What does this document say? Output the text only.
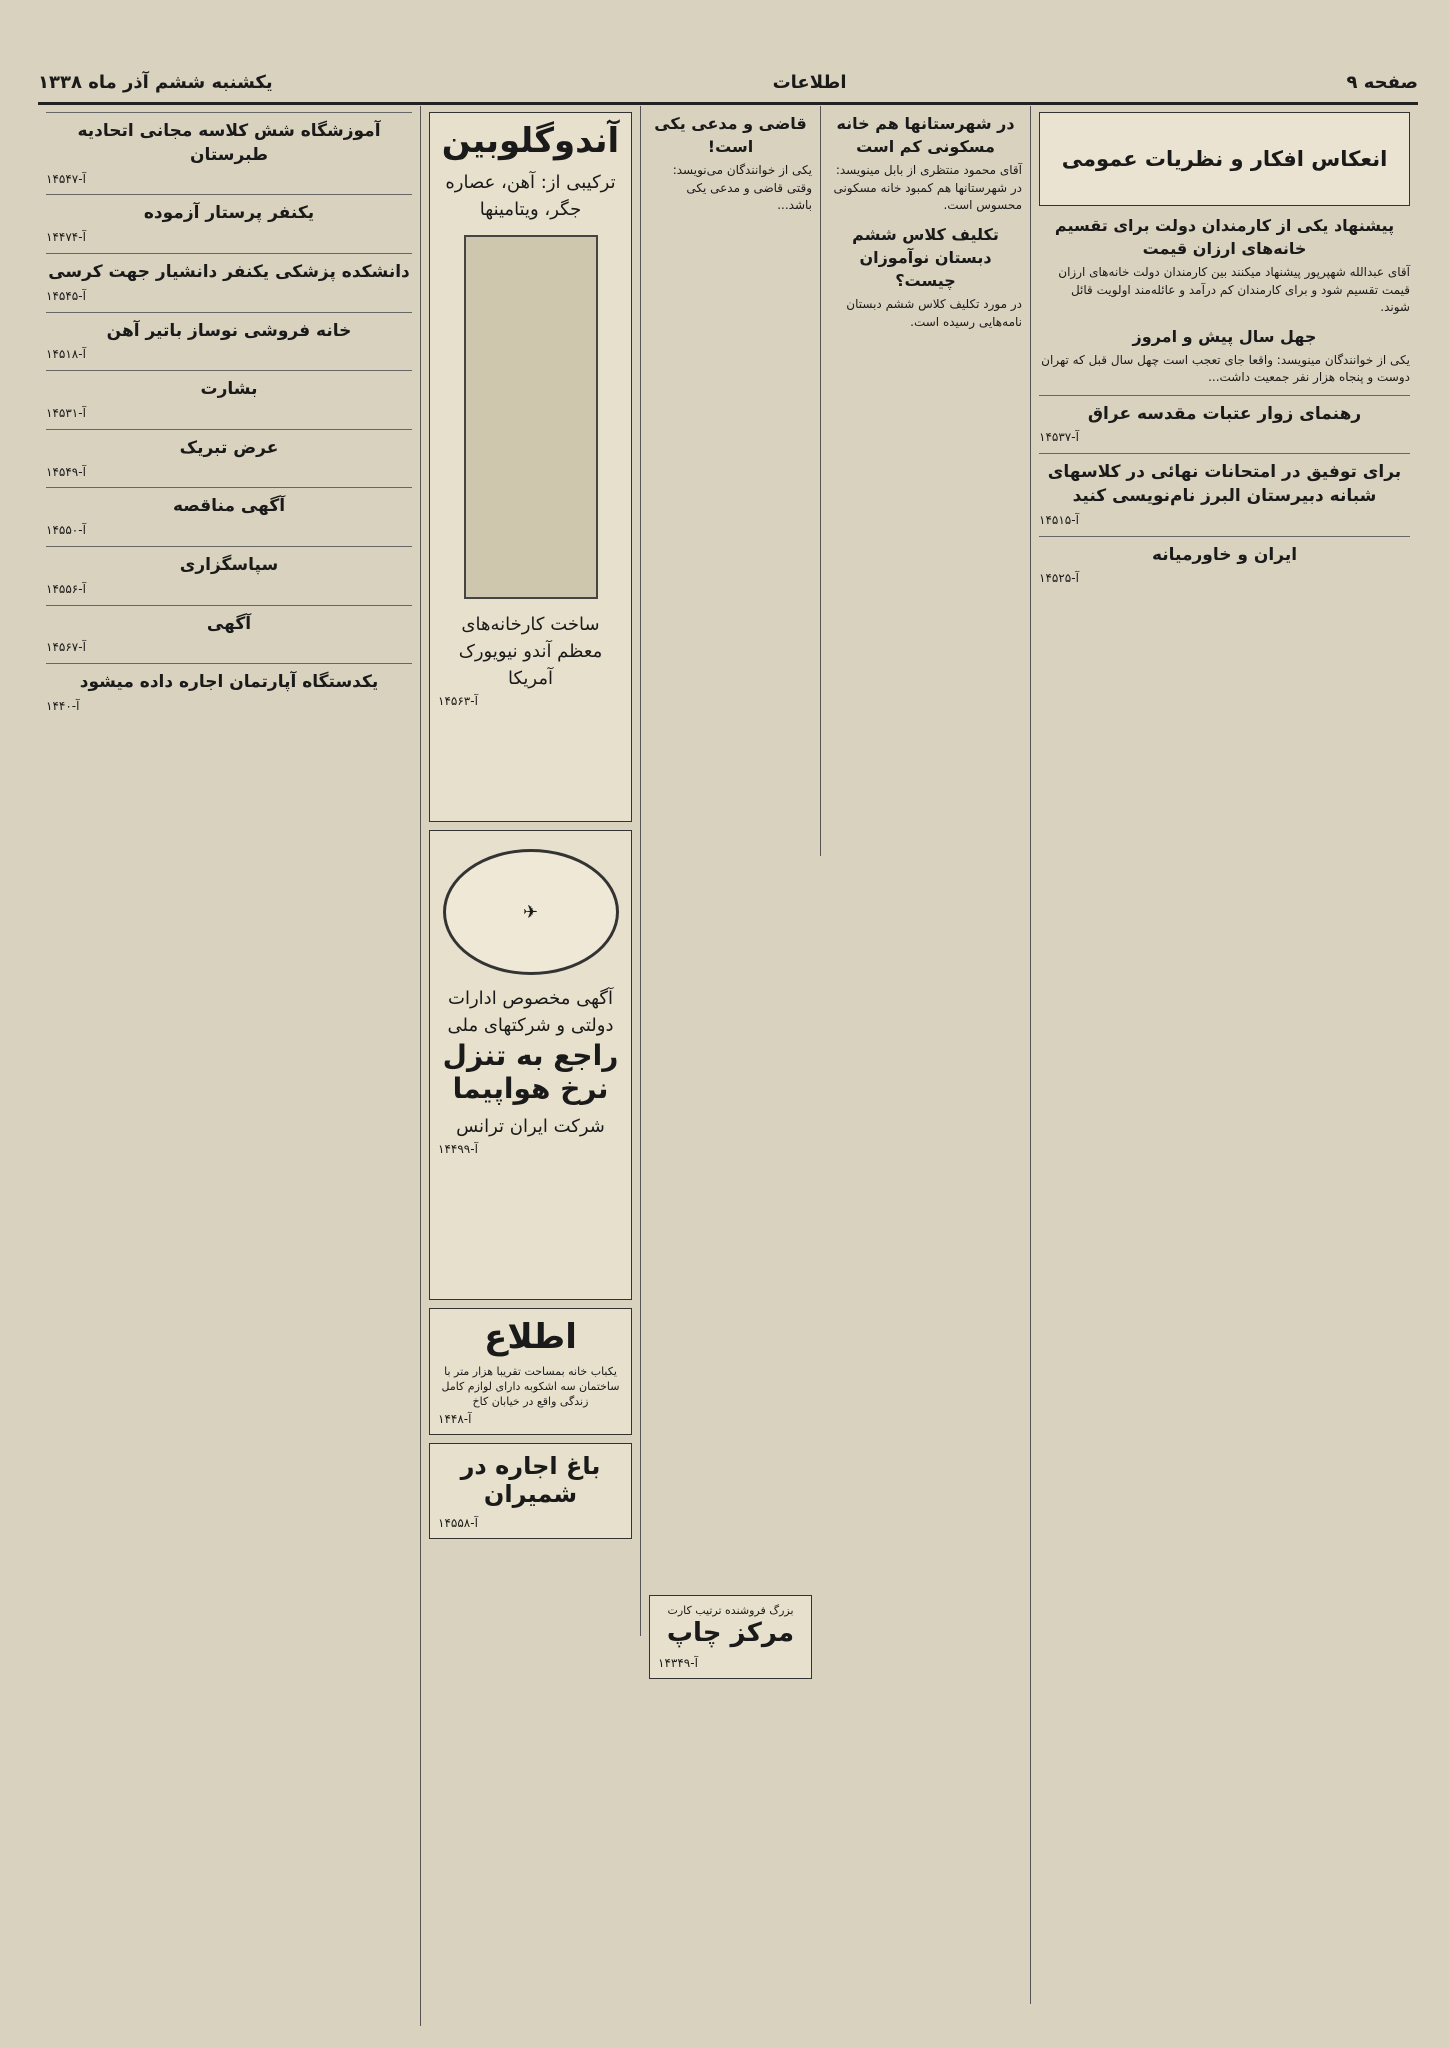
صفحه ۹
اطلاعات
یکشنبه ششم آذر ماه ۱۳۳۸
انعکاس افکار و نظریات عمومی
پیشنهاد یکی از کارمندان دولت برای تقسیم خانه‌های ارزان قیمت
آقای عبدالله شهپرپور پیشنهاد میکنند بین کارمندان دولت خانه‌های ارزان قیمت تقسیم شود و برای کارمندان کم درآمد و عائله‌مند اولویت قائل شوند.
جهل سال پیش و امروز
یکی از خوانندگان مینویسد: واقعا جای تعجب است چهل سال قبل که تهران دوست و پنجاه هزار نفر جمعیت داشت...
رهنمای زوار عتبات مقدسه عراق
۱۴۵۳۷-آ
برای توفیق در امتحانات نهائی در کلاسهای شبانه دبیرستان البرز نام‌نویسی کنید
۱۴۵۱۵-آ
ایران و خاورمیانه
۱۴۵۲۵-آ
در شهرستانها هم خانه مسکونی کم است
آقای محمود منتظری از بابل مینویسد: در شهرستانها هم کمبود خانه مسکونی محسوس است.
تکلیف کلاس ششم دبستان نوآموزان چیست؟
در مورد تکلیف کلاس ششم دبستان نامه‌هایی رسیده است.
قاضی و مدعی یکی است!
یکی از خوانندگان می‌نویسد: وقتی قاضی و مدعی یکی باشد...
بزرگ فروشنده ترتیب کارت
مرکز چاپ
۱۴۳۴۹-آ
آندوگلوبین
ترکیبی از: آهن، عصاره جگر، ویتامینها
ساخت کارخانه‌های معظم آندو نیویورک آمریکا
۱۴۵۶۳-آ
✈
آگهی مخصوص ادارات دولتی و شرکتهای ملی
راجع به تنزل نرخ هواپیما
شرکت ایران ترانس
۱۴۴۹۹-آ
اطلاع
یکباب خانه بمساحت تقریبا هزار متر با ساختمان سه اشکوبه دارای لوازم کامل زندگی واقع در خیابان کاخ
۱۴۴۸-آ
باغ اجاره در شمیران
۱۴۵۵۸-آ
آموزشگاه شش کلاسه مجانی اتحادیه طبرستان
۱۴۵۴۷-آ
یکنفر پرستار آزموده
۱۴۴۷۴-آ
دانشکده پزشکی یکنفر دانشیار جهت کرسی
۱۴۵۴۵-آ
خانه فروشی نوساز باتیر آهن
۱۴۵۱۸-آ
بشارت
۱۴۵۳۱-آ
عرض تبریک
۱۴۵۴۹-آ
آگهی مناقصه
۱۴۵۵۰-آ
سپاسگزاری
۱۴۵۵۶-آ
آگهی
۱۴۵۶۷-آ
یکدستگاه آپارتمان اجاره داده میشود
۱۴۴۰-آ
